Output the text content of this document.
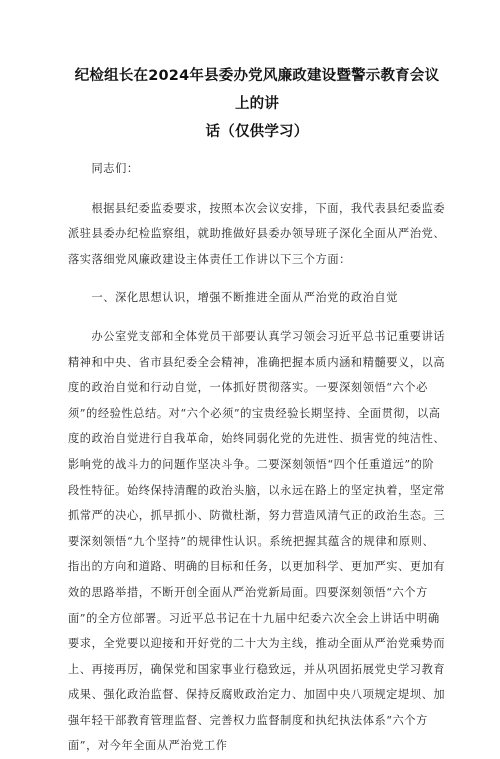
纪检组长在2024年县委办党风廉政建设暨警示教育会议上的讲
话（仅供学习）

同志们：

根据县纪委监委要求，按照本次会议安排，下面，我代表县纪委监委派驻县委办纪检监察组，就助推做好县委办领导班子深化全面从严治党、落实落细党风廉政建设主体责任工作讲以下三个方面：

一、深化思想认识，增强不断推进全面从严治党的政治自觉

办公室党支部和全体党员干部要认真学习领会习近平总书记重要讲话精神和中央、省市县纪委全会精神，准确把握本质内涵和精髓要义，以高度的政治自觉和行动自觉，一体抓好贯彻落实。一要深刻领悟“六个必须”的经验性总结。对“六个必须”的宝贵经验长期坚持、全面贯彻，以高度的政治自觉进行自我革命，始终同弱化党的先进性、损害党的纯洁性、影响党的战斗力的问题作坚决斗争。二要深刻领悟“四个任重道远”的阶段性特征。始终保持清醒的政治头脑，以永远在路上的坚定执着，坚定常抓常严的决心，抓早抓小、防微杜渐，努力营造风清气正的政治生态。三要深刻领悟“九个坚持”的规律性认识。系统把握其蕴含的规律和原则、指出的方向和道路、明确的目标和任务，以更加科学、更加严实、更加有效的思路举措，不断开创全面从严治党新局面。四要深刻领悟“六个方面”的全方位部署。习近平总书记在十九届中纪委六次全会上讲话中明确要求，全党要以迎接和开好党的二十大为主线，推动全面从严治党乘势而上、再接再厉，确保党和国家事业行稳致远，并从巩固拓展党史学习教育成果、强化政治监督、保持反腐败政治定力、加固中央八项规定堤坝、加强年轻干部教育管理监督、完善权力监督制度和执纪执法体系“六个方面”，对今年全面从严治党工作
